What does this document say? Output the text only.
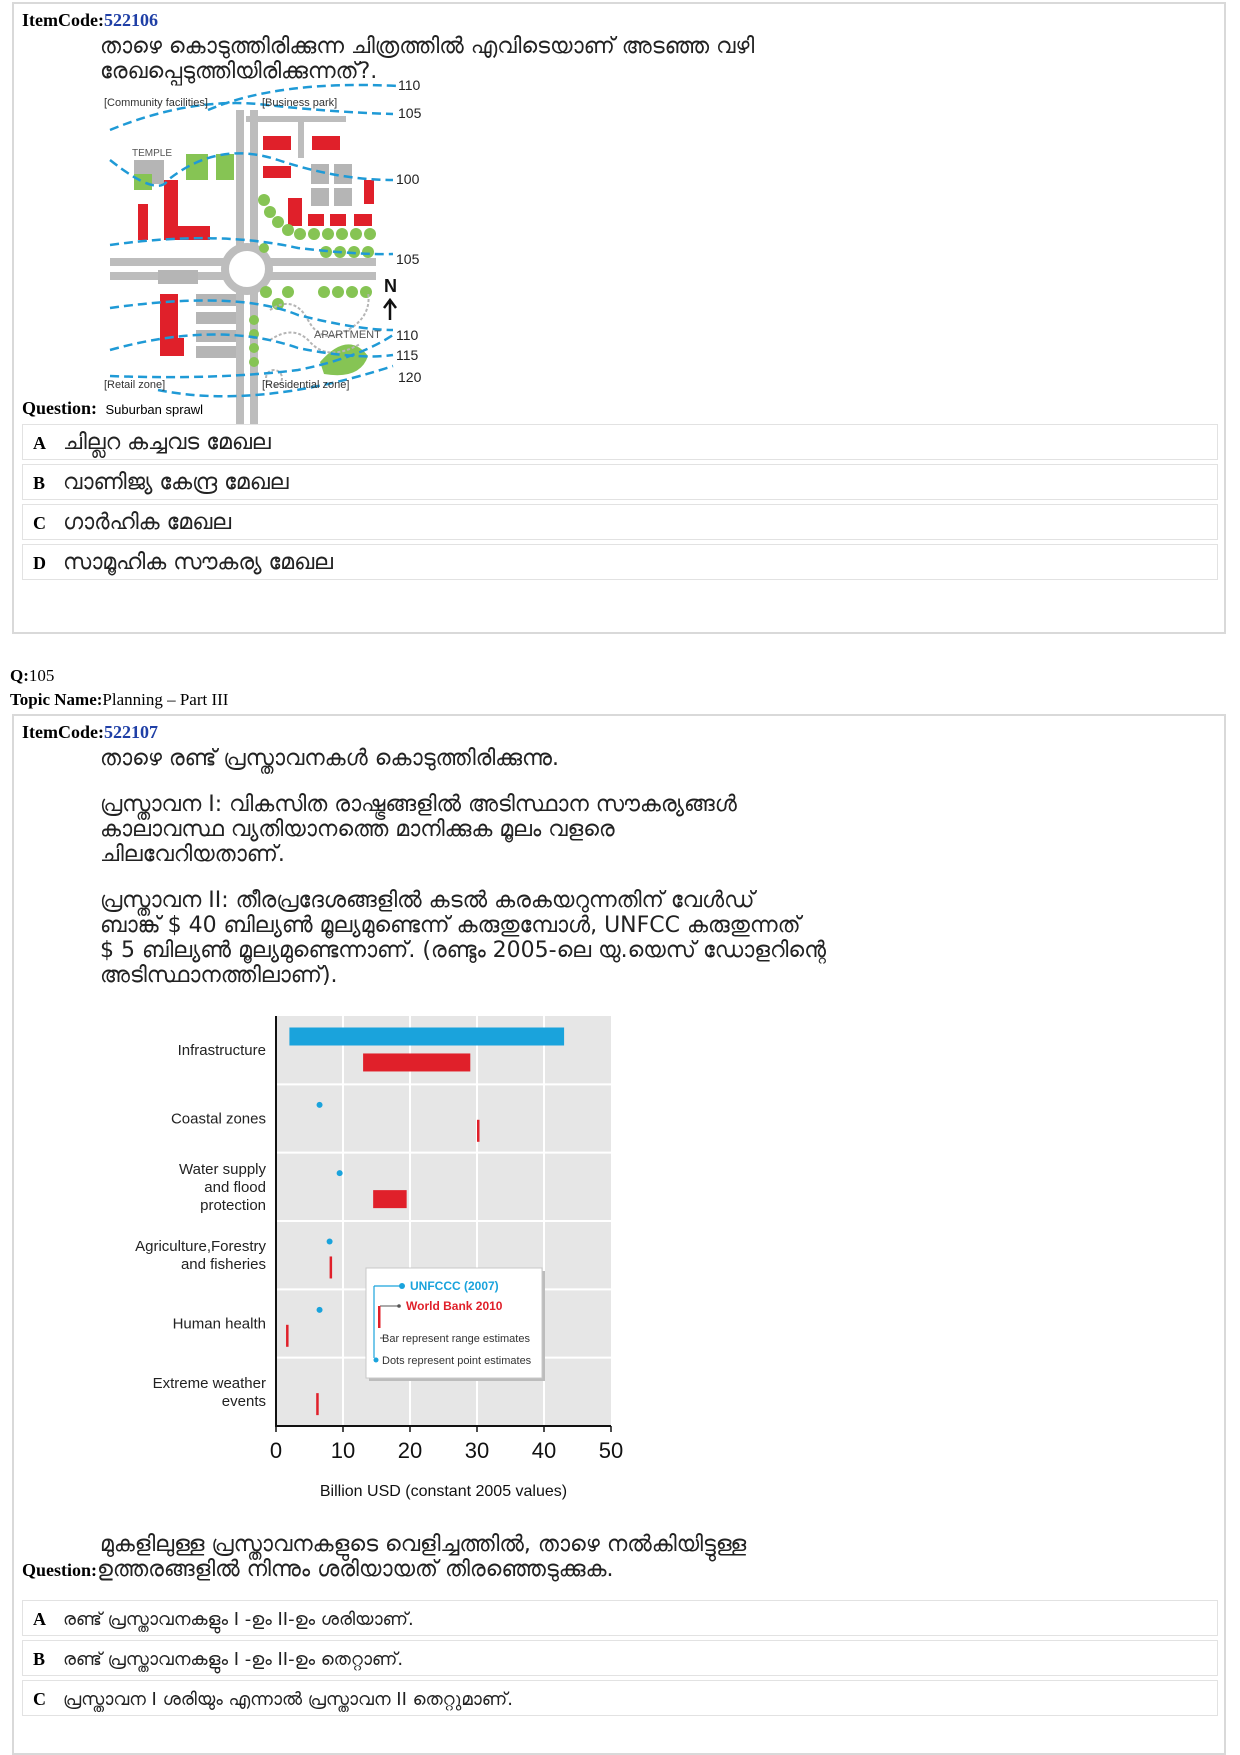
ItemCode:522106
താഴെ കൊടുത്തിരിക്കുന്ന ചിത്രത്തിൽ എവിടെയാണ് അടഞ്ഞ വഴി
രേഖപ്പെടുത്തിയിരിക്കുന്നത്?.
110
105
100
105
110
115
120
[Community facilities]	[Business park]
TEMPLE
APARTMENT
[Retail zone]	[Residential zone]
N
Question: Suburban sprawl
A ചില്ലറ കച്ചവട മേഖല
B വാണിജ്യ കേന്ദ്ര മേഖല
C ഗാർഹിക മേഖല
D സാമൂഹിക സൗകര്യ മേഖല
Q:105
Topic Name:Planning – Part III
ItemCode:522107
താഴെ രണ്ട് പ്രസ്താവനകൾ കൊടുത്തിരിക്കുന്നു.
പ്രസ്താവന I: വികസിത രാഷ്ട്രങ്ങളിൽ അടിസ്ഥാന സൗകര്യങ്ങൾ
കാലാവസ്ഥ വ്യതിയാനത്തെ മാനിക്കുക മൂലം വളരെ
ചിലവേറിയതാണ്.
പ്രസ്താവന II: തീരപ്രദേശങ്ങളിൽ കടൽ കരകയറുന്നതിന് വേൾഡ്
ബാങ്ക് $ 40 ബില്യൺ മൂല്യമുണ്ടെന്ന് കരുതുമ്പോൾ, UNFCC കരുതുന്നത്
$ 5 ബില്യൺ മൂല്യമുണ്ടെന്നാണ്. (രണ്ടും 2005-ലെ യു.യെസ് ഡോളറിന്റെ
അടിസ്ഥാനത്തിലാണ്).
0 10 20 30 40 50
Billion USD (constant 2005 values)
Infrastructure
Coastal zones
Water supply
and flood
protection
Agriculture,Forestry
and fisheries
Human health
Extreme weather
events
UNFCCC (2007)
World Bank 2010
Bar represent range estimates
Dots represent point estimates
മുകളിലുള്ള പ്രസ്താവനകളുടെ വെളിച്ചത്തിൽ, താഴെ നൽകിയിട്ടുള്ള
Question: ഉത്തരങ്ങളിൽ നിന്നും ശരിയായത് തിരഞ്ഞെടുക്കുക.
A രണ്ട് പ്രസ്താവനകളും I -ഉം II-ഉം ശരിയാണ്.
B രണ്ട് പ്രസ്താവനകളും I -ഉം II-ഉം തെറ്റാണ്.
C പ്രസ്താവന I ശരിയും എന്നാൽ പ്രസ്താവന II തെറ്റുമാണ്.
